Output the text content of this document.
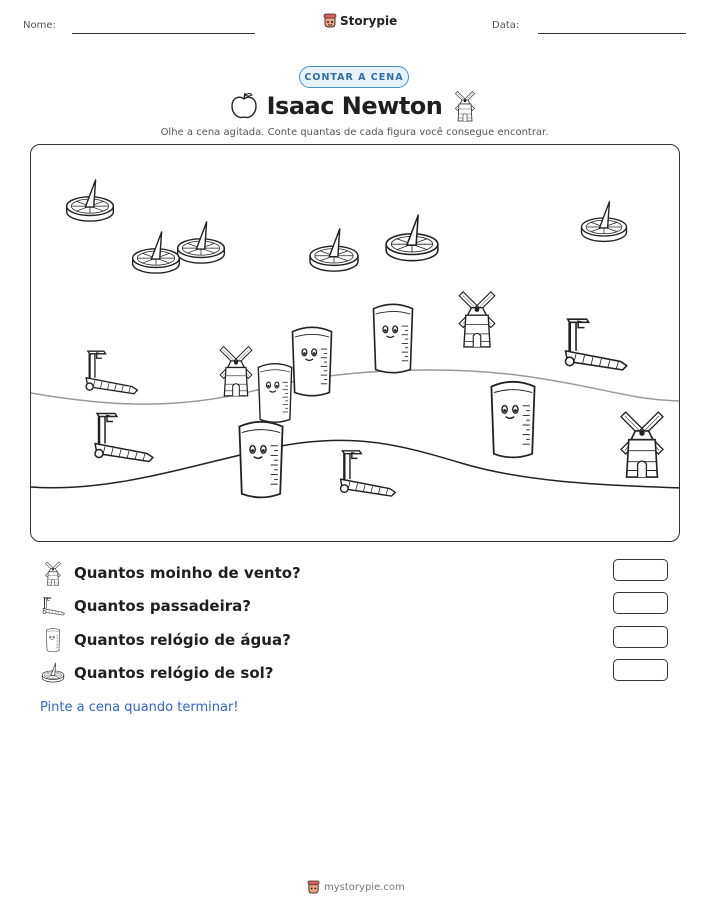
Nome:	Storypie	Data:
CONTAR A CENA
Isaac Newton
Olhe a cena agitada. Conte quantas de cada figura você consegue encontrar.
Quantos moinho de vento?
Quantos passadeira?
Quantos relógio de água?
Quantos relógio de sol?
Pinte a cena quando terminar!
mystorypie.com
